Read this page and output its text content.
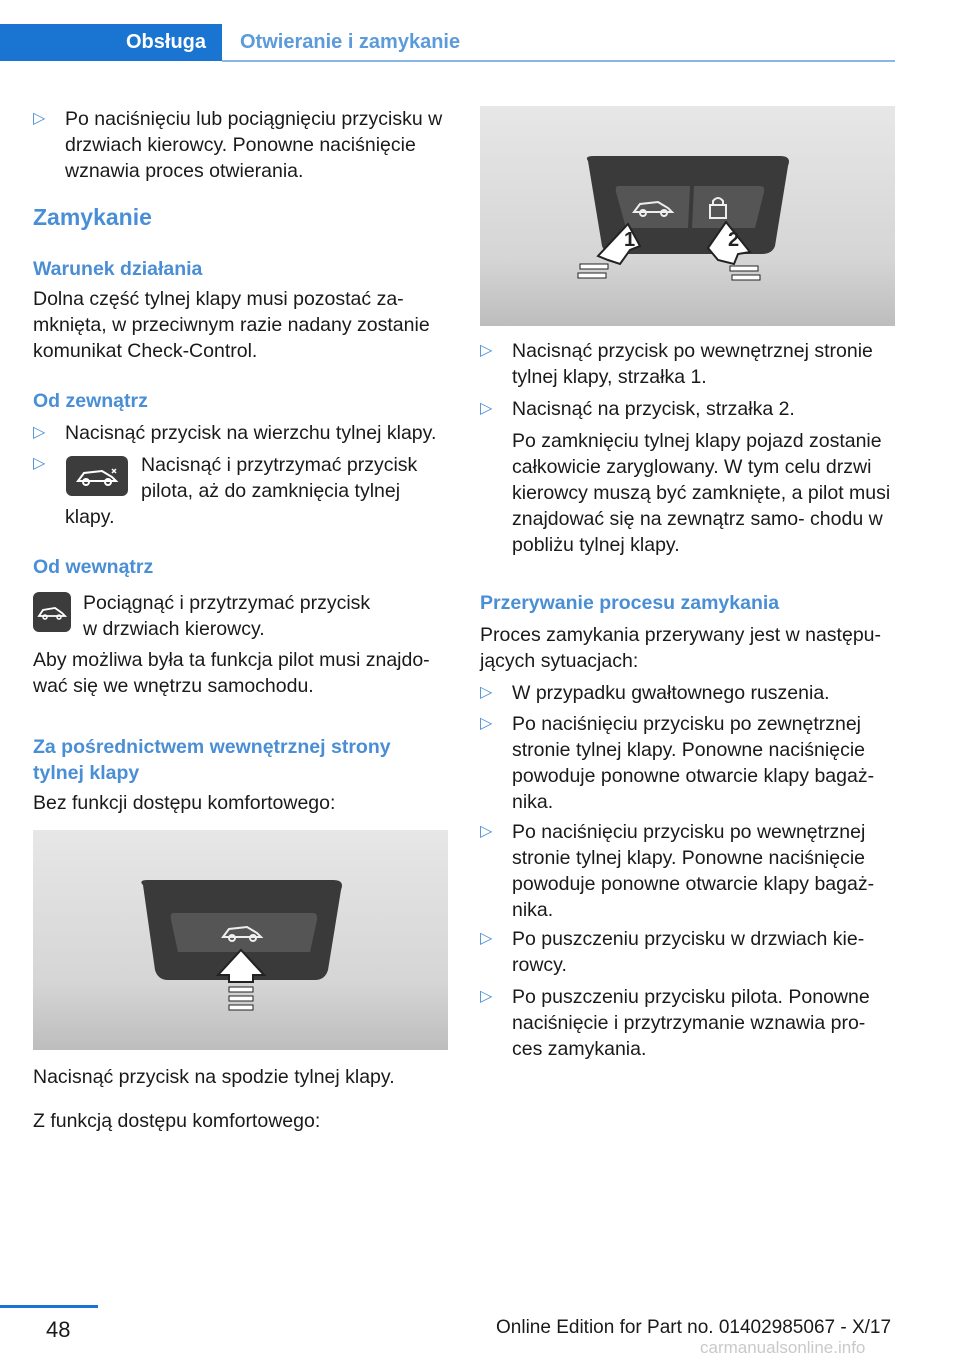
Obsługa Otwieranie i zamykanie
▷	Po naciśnięciu lub pociągnięciu przycisku w drzwiach kierowcy. Ponowne naciśnięcie wznawia proces otwierania.
Zamykanie
Warunek działania
Dolna część tylnej klapy musi pozostać za‐
mknięta, w przeciwnym razie nadany zostanie
komunikat Check-Control.
Od zewnątrz
▷	Nacisnąć przycisk na wierzchu tylnej klapy.
▷	Nacisnąć i przytrzymać przycisk
pilota, aż do zamknięcia tylnej
klapy.
Od wewnątrz
Pociągnąć i przytrzymać przycisk
w drzwiach kierowcy.
Aby możliwa była ta funkcja pilot musi znajdo‐
wać się we wnętrzu samochodu.
Za pośrednictwem wewnętrznej strony
tylnej klapy
Bez funkcji dostępu komfortowego:
Nacisnąć przycisk na spodzie tylnej klapy.
Z funkcją dostępu komfortowego:
1	2
▷	Nacisnąć przycisk po wewnętrznej stronie tylnej klapy, strzałka 1.
▷	Nacisnąć na przycisk, strzałka 2.
Po zamknięciu tylnej klapy pojazd zostanie całkowicie zaryglowany. W tym celu drzwi kierowcy muszą być zamknięte, a pilot musi znajdować się na zewnątrz samo‐ chodu w pobliżu tylnej klapy.
Przerywanie procesu zamykania
Proces zamykania przerywany jest w następu‐ jących sytuacjach:
▷	W przypadku gwałtownego ruszenia.
▷	Po naciśnięciu przycisku po zewnętrznej stronie tylnej klapy. Ponowne naciśnięcie powoduje ponowne otwarcie klapy bagaż‐ nika.
▷	Po naciśnięciu przycisku po wewnętrznej stronie tylnej klapy. Ponowne naciśnięcie powoduje ponowne otwarcie klapy bagaż‐ nika.
▷	Po puszczeniu przycisku w drzwiach kie‐ rowcy.
▷	Po puszczeniu przycisku pilota. Ponowne naciśnięcie i przytrzymanie wznawia pro‐ ces zamykania.
48	Online Edition for Part no. 01402985067 - X/17
carmanualsonline.info
